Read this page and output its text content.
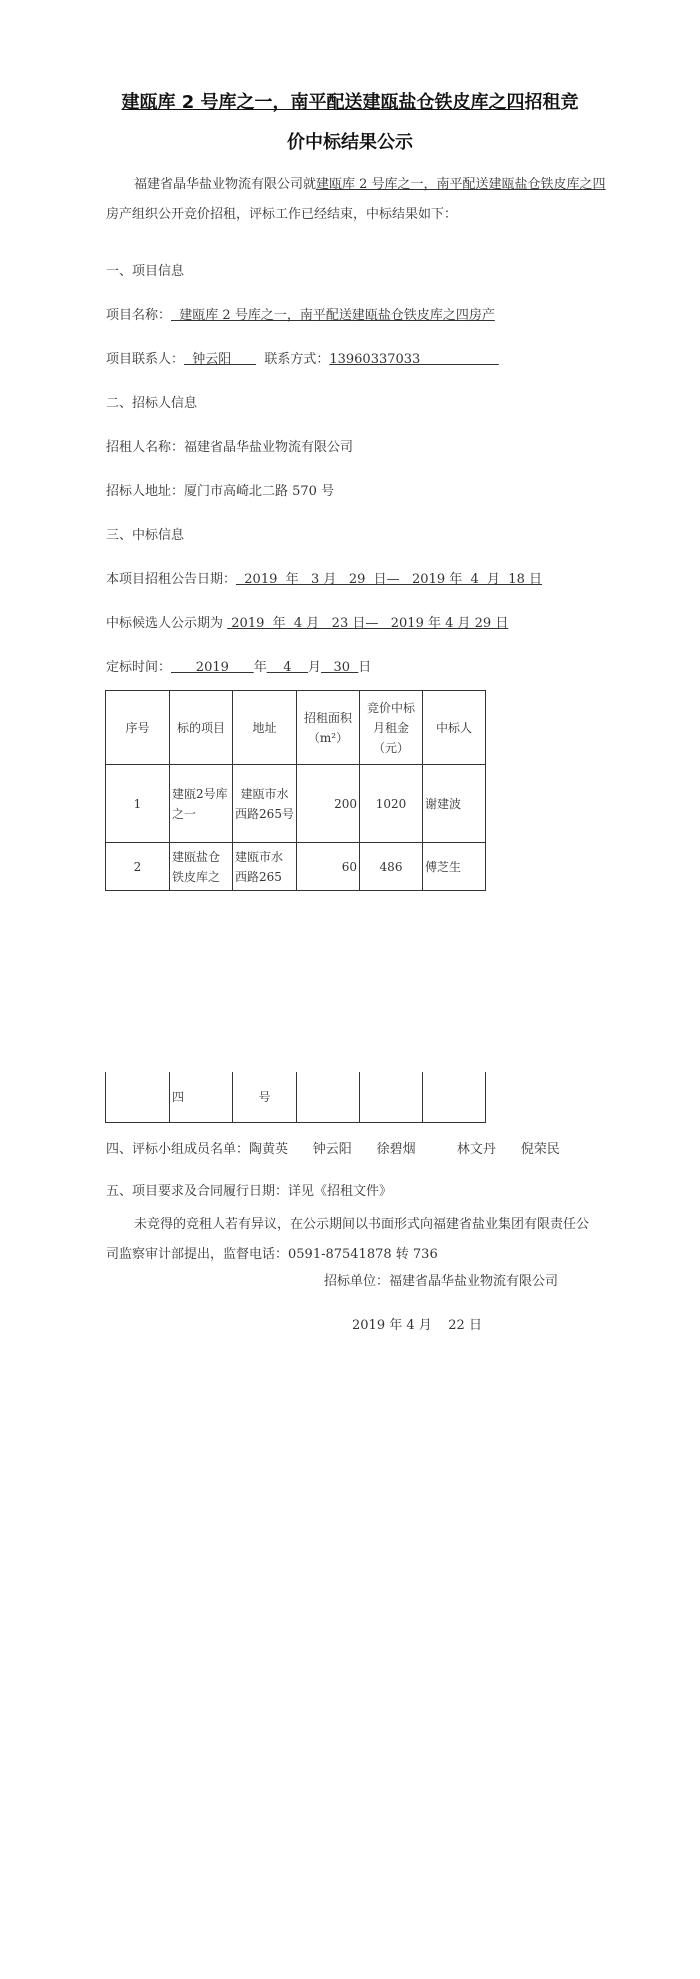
建瓯库 2 号库之一，南平配送建瓯盐仓铁皮库之四招租竞
价中标结果公示
福建省晶华盐业物流有限公司就建瓯库 2 号库之一，南平配送建瓯盐仓铁皮库之四 房产组织公开竞价招租，评标工作已经结束，中标结果如下：
一、项目信息
项目名称：  建瓯库 2 号库之一，南平配送建瓯盐仓铁皮库之四房产
项目联系人：  钟云阳        联系方式：13960337033
二、招标人信息
招租人名称：福建省晶华盐业物流有限公司
招标人地址：厦门市高崎北二路 570 号
三、中标信息
本项目招租公告日期：  2019  年   3 月   29  日—   2019 年  4  月  18 日
中标候选人公示期为  2019  年  4 月   23 日—   2019 年 4 月 29 日
定标时间：      2019      年    4    月   30  日
序号	标的项目	地址	招租面积（m²）	竞价中标月租金（元）	中标人
1	建瓯2号库之一	建瓯市水西路265号	200	1020	谢建波
2	建瓯盐仓铁皮库之	建瓯市水西路265	60	486	傅芝生
	四	号			
四、评标小组成员名单：陶黄英      钟云阳      徐碧烟          林文丹      倪荣民
五、项目要求及合同履行日期：详见《招租文件》
未竞得的竞租人若有异议，在公示期间以书面形式向福建省盐业集团有限责任公司监察审计部提出，监督电话：0591-87541878 转 736
招标单位：福建省晶华盐业物流有限公司
2019 年 4 月    22 日
